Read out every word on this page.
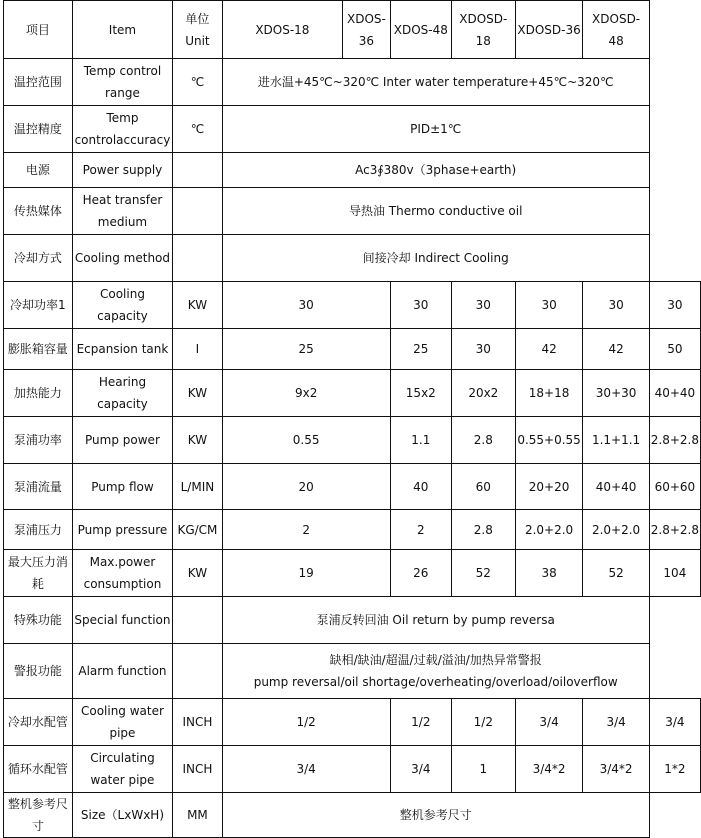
项目	Item	单位Unit	XDOS-18	XDOS-36	XDOS-48	XDOSD-18	XDOSD-36	XDOSD-48	
温控范围	Temp control range	℃	进水温+45℃~320℃ Inter water temperature+45℃~320℃						
温控精度	Temp controlaccuracy	℃	PID±1℃						
电源	Power supply		Ac3∮380v（3phase+earth)						
传热媒体	Heat transfer medium		导热油 Thermo conductive oil						
冷却方式	Cooling method		间接冷却 Indirect Cooling						
冷却功率1	Cooling capacity	KW	30		30	30	30	30	30
膨胀箱容量	Ecpansion tank	I	25		25	30	42	42	50
加热能力	Hearing capacity	KW	9x2		15x2	20x2	18+18	30+30	40+40
泵浦功率	Pump power	KW	0.55		1.1	2.8	0.55+0.55	1.1+1.1	2.8+2.8
泵浦流量	Pump flow	L/MIN	20		40	60	20+20	40+40	60+60
泵浦压力	Pump pressure	KG/CM	2		2	2.8	2.0+2.0	2.0+2.0	2.8+2.8
最大压力消耗	Max.power consumption	KW	19		26	52	38	52	104
特殊功能	Special function		泵浦反转回油 Oil return by pump reversa						
警报功能	Alarm function		缺相/缺油/超温/过载/溢油/加热异常警报
pump reversal/oil shortage/overheating/overload/oiloverflow						

冷却水配管	Cooling water pipe	INCH	1/2		1/2	1/2	3/4	3/4	3/4
循环水配管	Circulating water pipe	INCH	3/4		3/4	1	3/4*2	3/4*2	1*2
整机参考尺寸	Size（LxWxH)	MM	整机参考尺寸						
